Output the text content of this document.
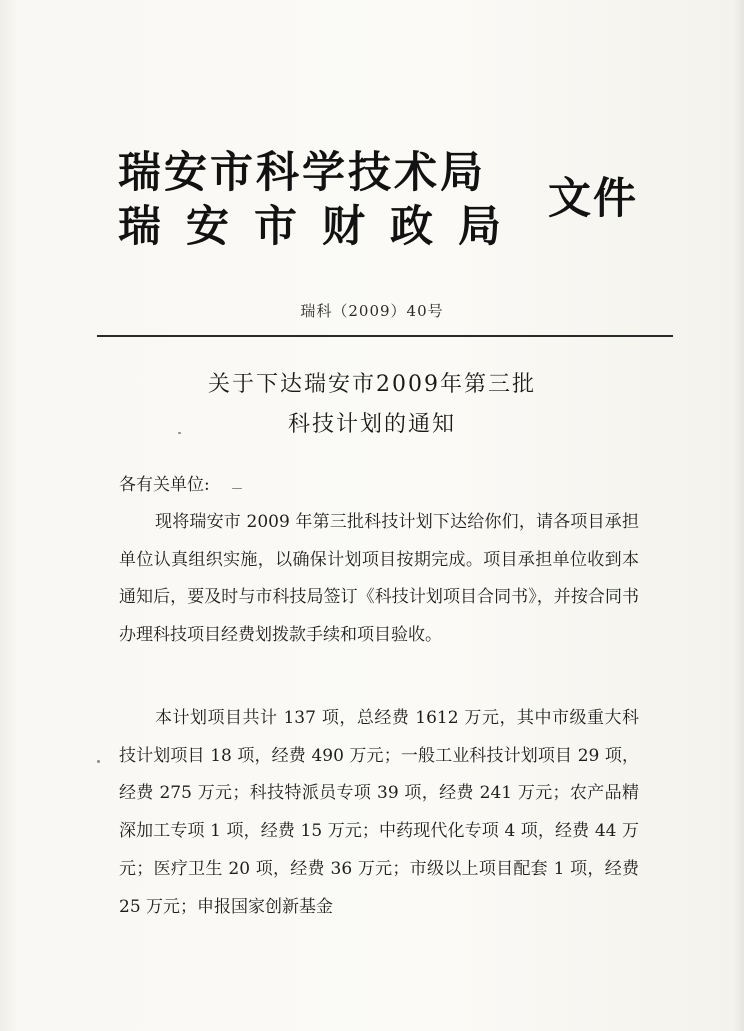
瑞安市科学技术局
瑞安市财政局
文件
瑞科（2009）40号
关于下达瑞安市2009年第三批
科技计划的通知
各有关单位:
现将瑞安市 2009 年第三批科技计划下达给你们，请各项目承担单位认真组织实施，以确保计划项目按期完成。项目承担单位收到本通知后，要及时与市科技局签订《科技计划项目合同书》，并按合同书办理科技项目经费划拨款手续和项目验收。
本计划项目共计 137 项，总经费 1612 万元，其中市级重大科技计划项目 18 项，经费 490 万元；一般工业科技计划项目 29 项，经费 275 万元；科技特派员专项 39 项，经费 241 万元；农产品精深加工专项 1 项，经费 15 万元；中药现代化专项 4 项，经费 44 万元；医疗卫生 20 项，经费 36 万元；市级以上项目配套 1 项，经费 25 万元；申报国家创新基金
